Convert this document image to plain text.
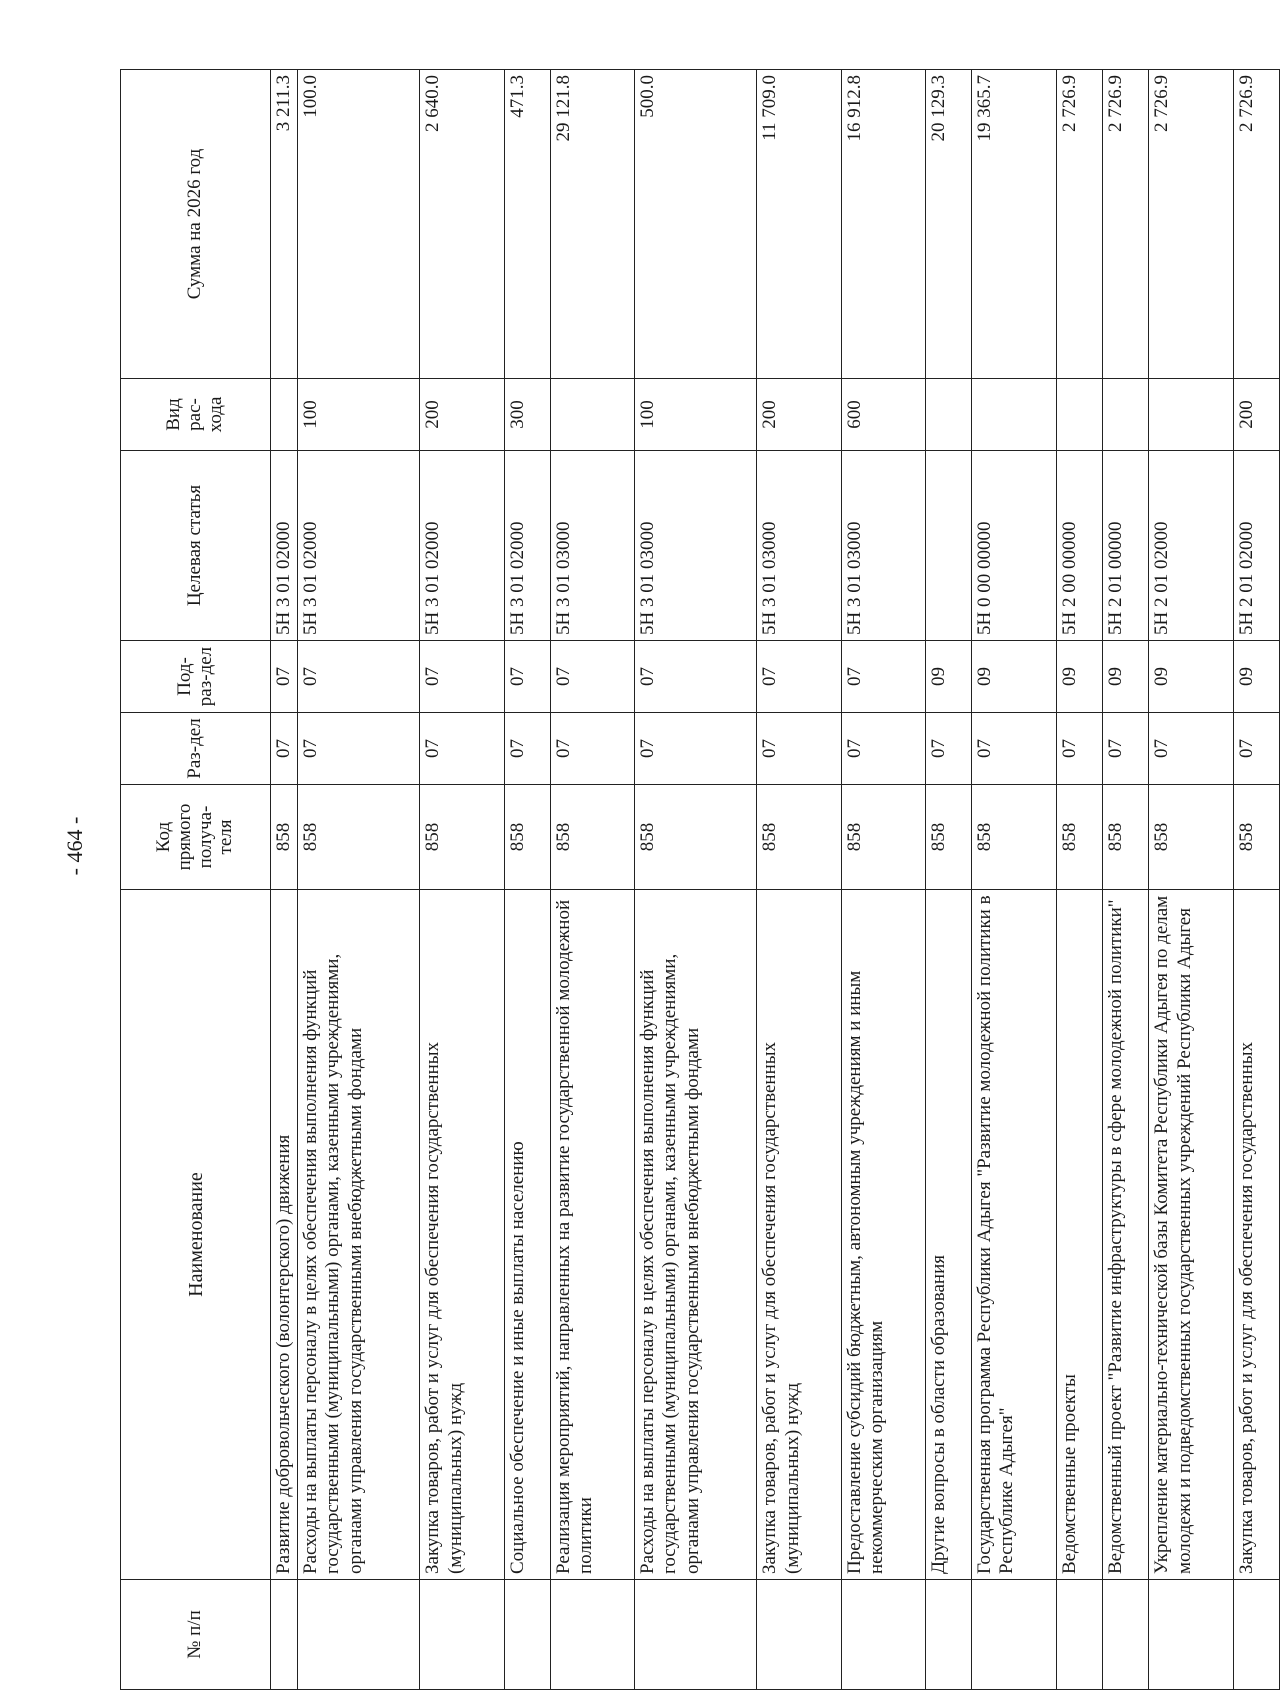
- 464 -
№ п/п	Наименование	Код прямого получа-теля	Раз-дел	Под-раз-дел	Целевая статья	Вид рас-хода	Сумма на 2026 год
	Развитие добровольческого (волонтерского) движения	858	07	07	5Н 3 01 02000		3 211.3
	Расходы на выплаты персоналу в целях обеспечения выполнения функций государственными (муниципальными) органами, казенными учреждениями, органами управления государственными внебюджетными фондами	858	07	07	5Н 3 01 02000	100	100.0
	Закупка товаров, работ и услуг для обеспечения государственных (муниципальных) нужд	858	07	07	5Н 3 01 02000	200	2 640.0
	Социальное обеспечение и иные выплаты населению	858	07	07	5Н 3 01 02000	300	471.3
	Реализация мероприятий, направленных на развитие государственной молодежной политики	858	07	07	5Н 3 01 03000		29 121.8
	Расходы на выплаты персоналу в целях обеспечения выполнения функций государственными (муниципальными) органами, казенными учреждениями, органами управления государственными внебюджетными фондами	858	07	07	5Н 3 01 03000	100	500.0
	Закупка товаров, работ и услуг для обеспечения государственных (муниципальных) нужд	858	07	07	5Н 3 01 03000	200	11 709.0
	Предоставление субсидий бюджетным, автономным учреждениям и иным некоммерческим организациям	858	07	07	5Н 3 01 03000	600	16 912.8
	Другие вопросы в области образования	858	07	09			20 129.3
	Государственная программа Республики Адыгея "Развитие молодежной политики в Республике Адыгея"	858	07	09	5Н 0 00 00000		19 365.7
	Ведомственные проекты	858	07	09	5Н 2 00 00000		2 726.9
	Ведомственный проект "Развитие инфраструктуры в сфере молодежной политики"	858	07	09	5Н 2 01 00000		2 726.9
	Укрепление материально-технической базы Комитета Республики Адыгея по делам молодежи и подведомственных государственных учреждений Республики Адыгея	858	07	09	5Н 2 01 02000		2 726.9
	Закупка товаров, работ и услуг для обеспечения государственных	858	07	09	5Н 2 01 02000	200	2 726.9
